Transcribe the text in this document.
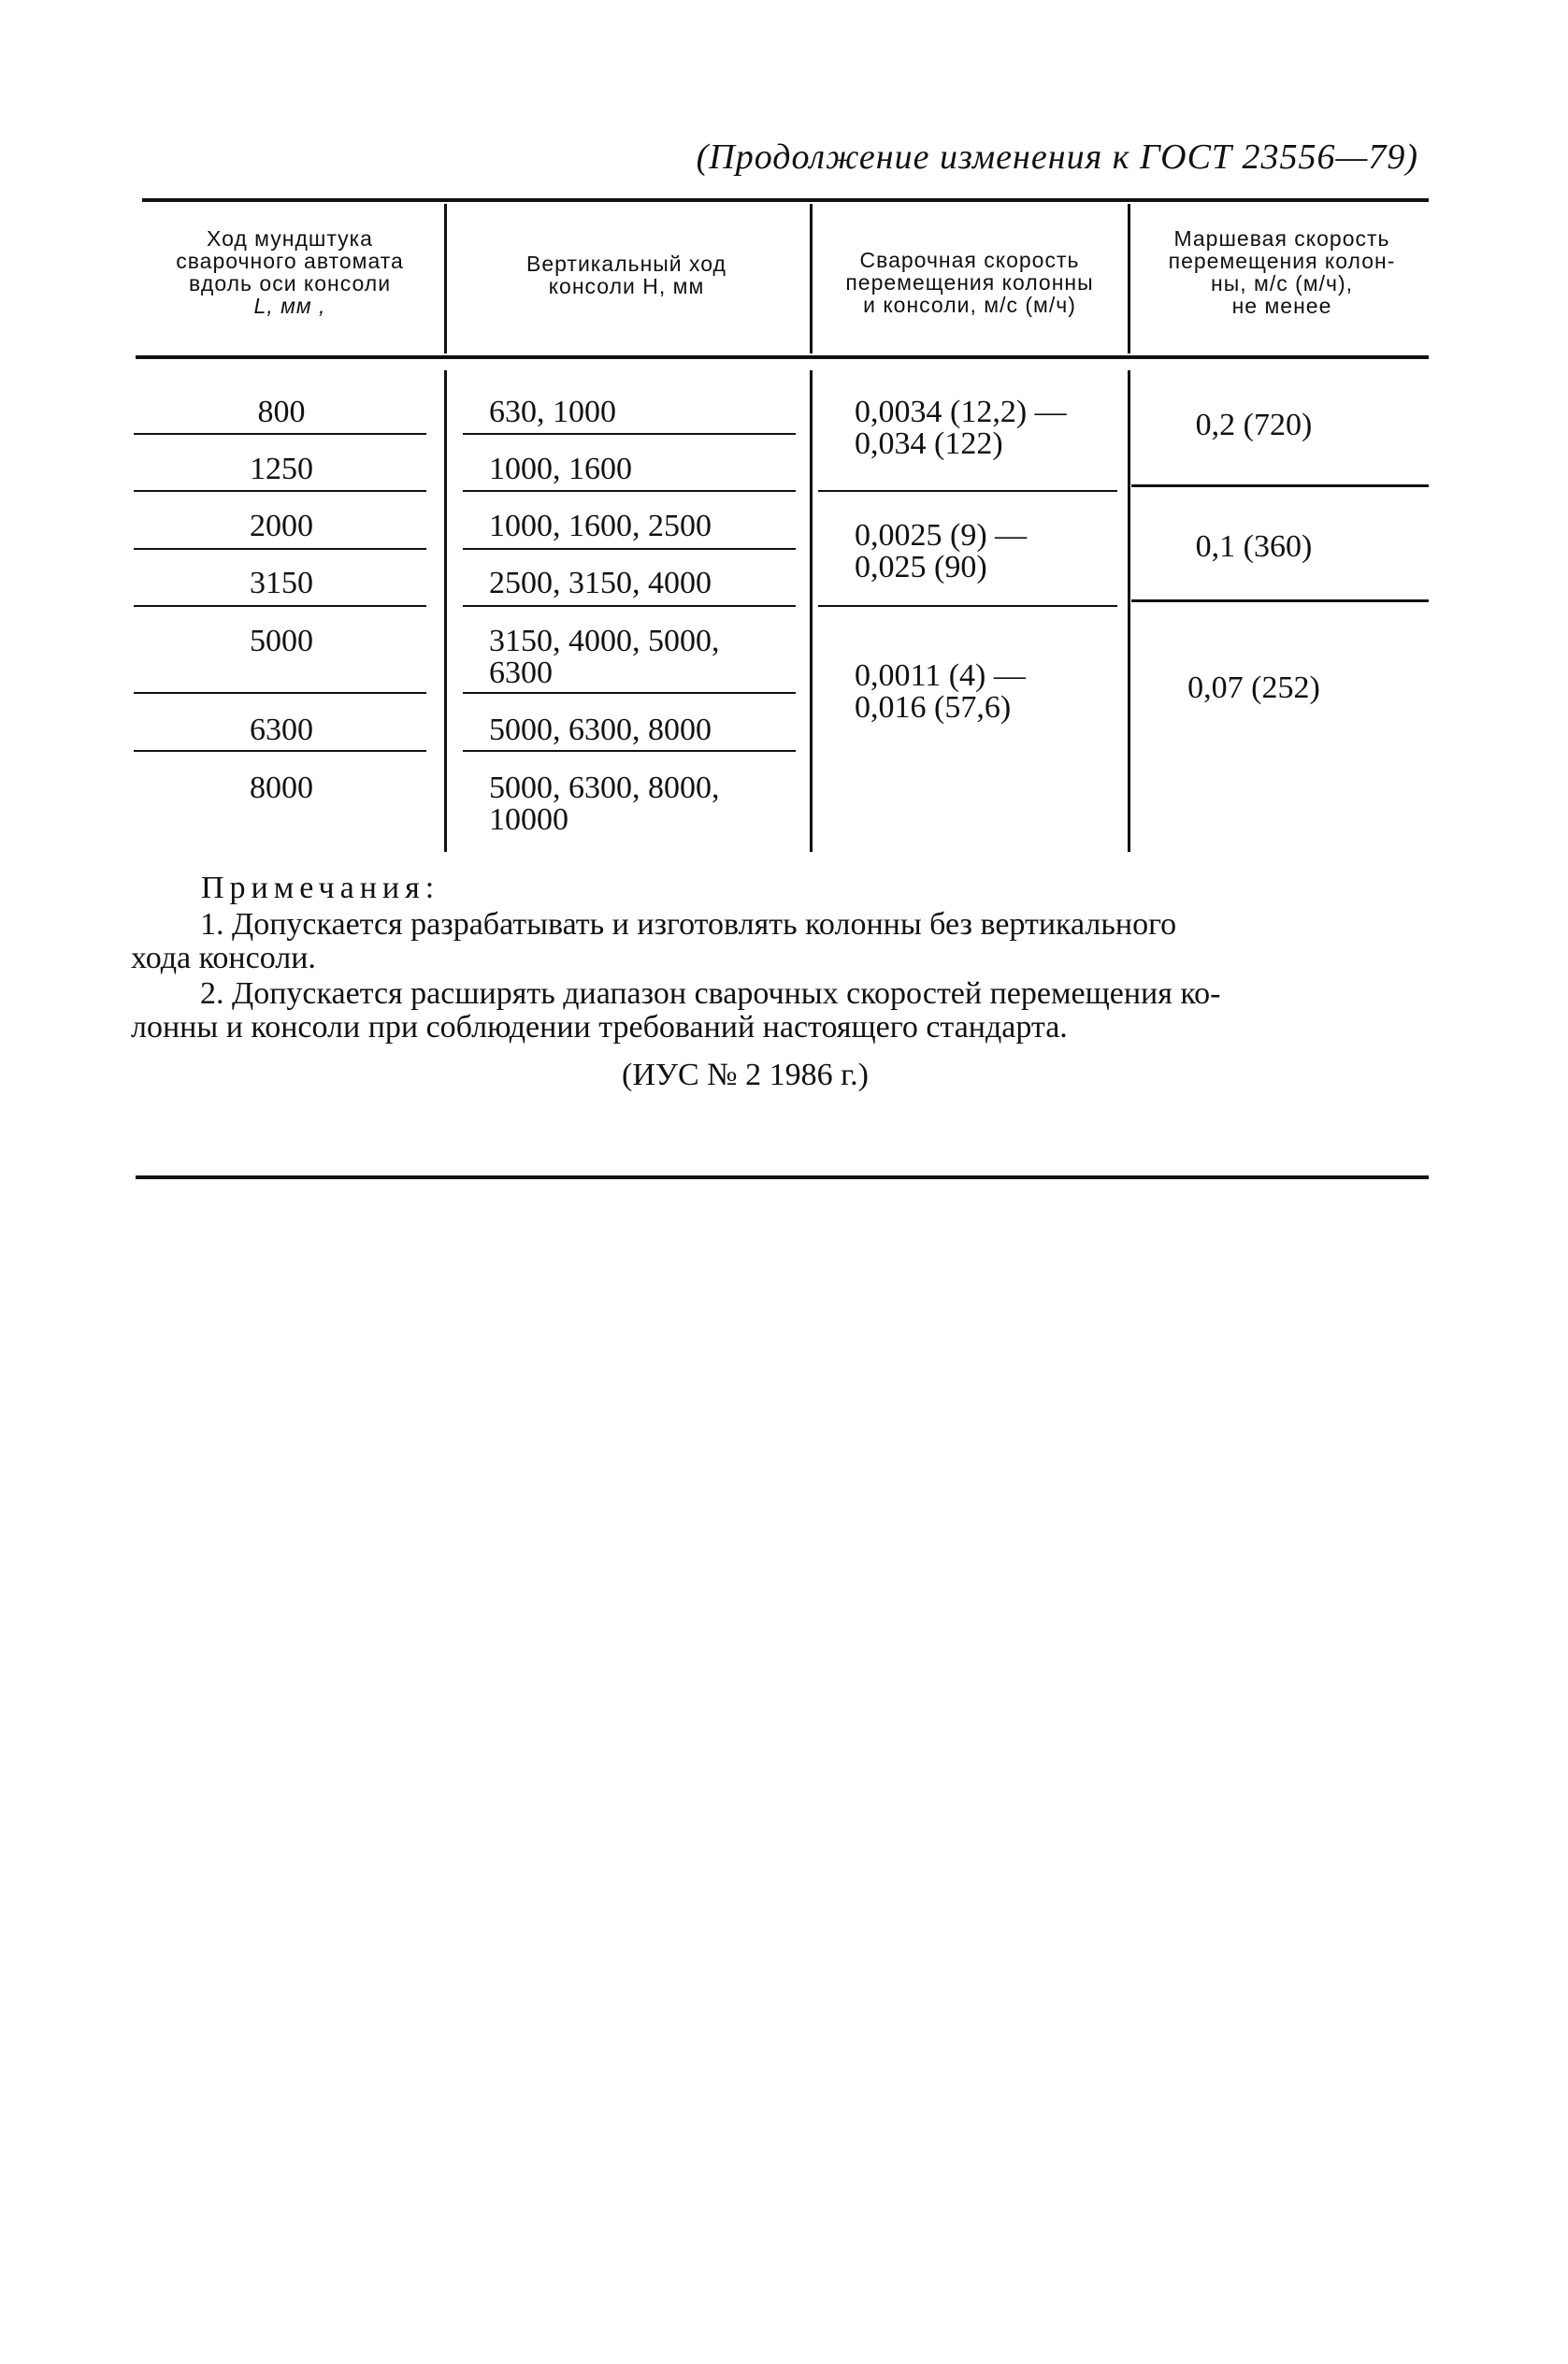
(Продолжение изменения к ГОСТ 23556—79)
Ход мундштука
сварочного автомата
вдоль оси консоли
L, мм ,
Вертикальный ход
консоли H, мм
Сварочная скорость
перемещения колонны
и консоли, м/с (м/ч)
Маршевая скорость
перемещения колон-
ны, м/с (м/ч),
не менее
800
1250
2000
3150
5000
6300
8000
630, 1000
1000, 1600
1000, 1600, 2500
2500, 3150, 4000
3150, 4000, 5000,
6300
5000, 6300, 8000
5000, 6300, 8000,
10000
0,0034 (12,2) —
0,034 (122)
0,0025 (9) —
0,025 (90)
0,0011 (4) —
0,016 (57,6)
0,2 (720)
0,1 (360)
0,07 (252)
Примечания:
1. Допускается разрабатывать и изготовлять колонны без вертикального
хода консоли.
2. Допускается расширять диапазон сварочных скоростей перемещения ко-
лонны и консоли при соблюдении требований настоящего стандарта.
(ИУС № 2 1986 г.)
